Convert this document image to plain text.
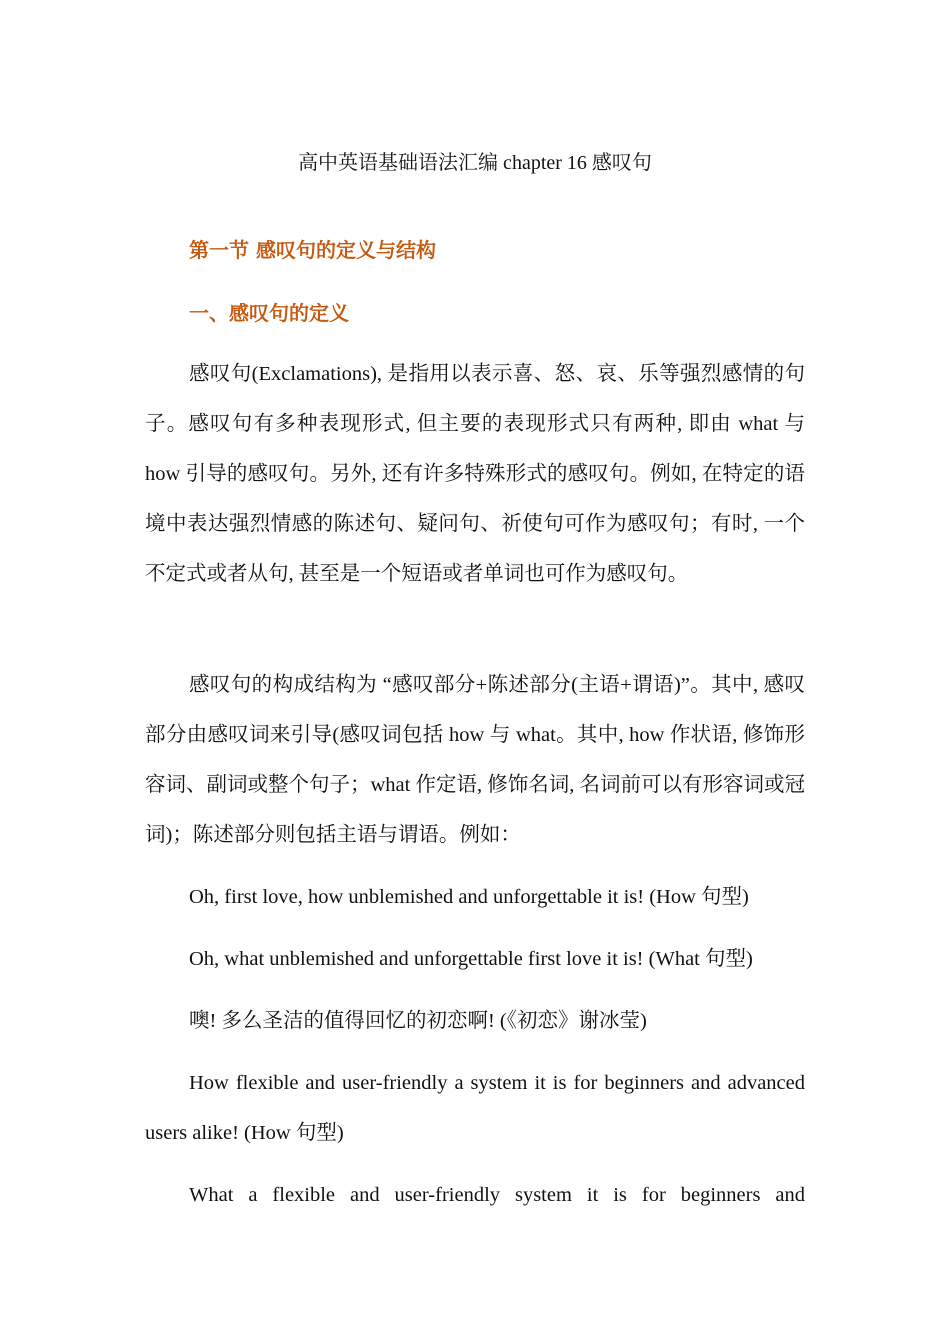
高中英语基础语法汇编 chapter 16 感叹句
第一节 感叹句的定义与结构
一、感叹句的定义
感叹句(Exclamations), 是指用以表示喜、怒、哀、乐等强烈感情的句子。感叹句有多种表现形式, 但主要的表现形式只有两种, 即由 what 与 how 引导的感叹句。另外, 还有许多特殊形式的感叹句。例如, 在特定的语境中表达强烈情感的陈述句、疑问句、祈使句可作为感叹句；有时, 一个不定式或者从句, 甚至是一个短语或者单词也可作为感叹句。
感叹句的构成结构为 “感叹部分+陈述部分(主语+谓语)”。其中, 感叹部分由感叹词来引导(感叹词包括 how 与 what。其中, how 作状语, 修饰形容词、副词或整个句子；what 作定语, 修饰名词, 名词前可以有形容词或冠词)；陈述部分则包括主语与谓语。例如：
Oh, first love, how unblemished and unforgettable it is! (How 句型)
Oh, what unblemished and unforgettable first love it is! (What 句型)
噢! 多么圣洁的值得回忆的初恋啊! (《初恋》谢冰莹)
How flexible and user-friendly a system it is for beginners and advanced users alike! (How 句型)
What a flexible and user-friendly system it is for beginners and
